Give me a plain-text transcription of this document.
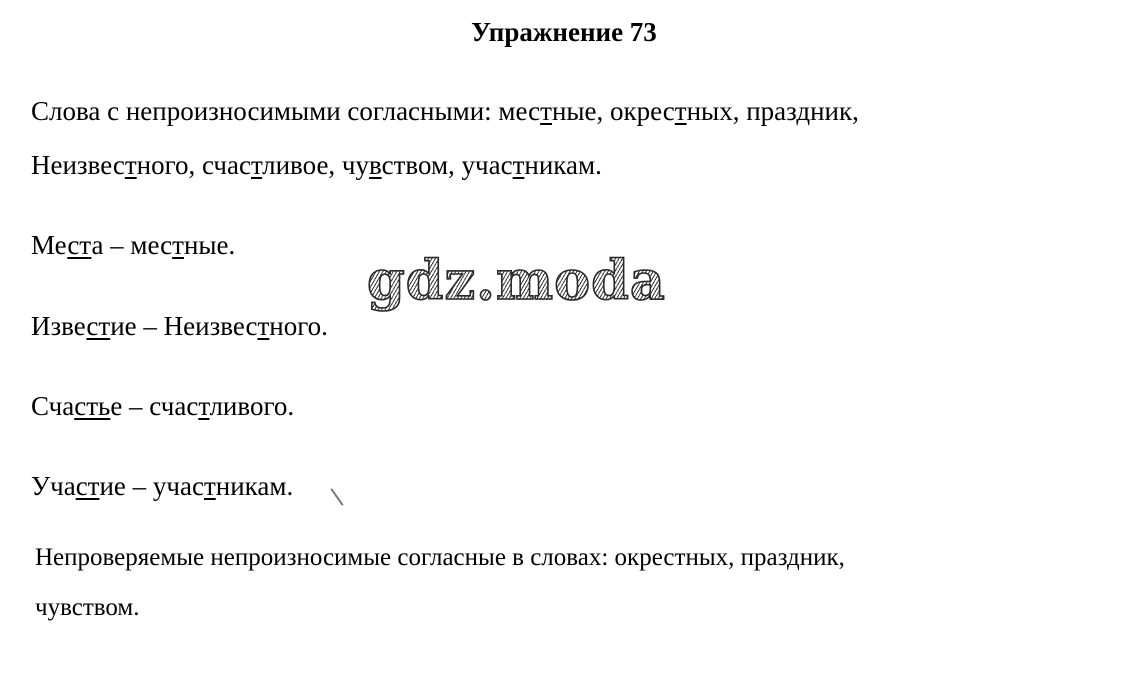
Упражнение 73
Слова с непроизносимыми согласными: местные, окрестных, праздник,
Неизвестного, счастливое, чувством, участникам.
Места – местные.
gdz.moda
Известие – Неизвестного.
Счастье – счастливого.
Участие – участникам.
Непроверяемые непроизносимые согласные в словах: окрестных, праздник,
чувством.
